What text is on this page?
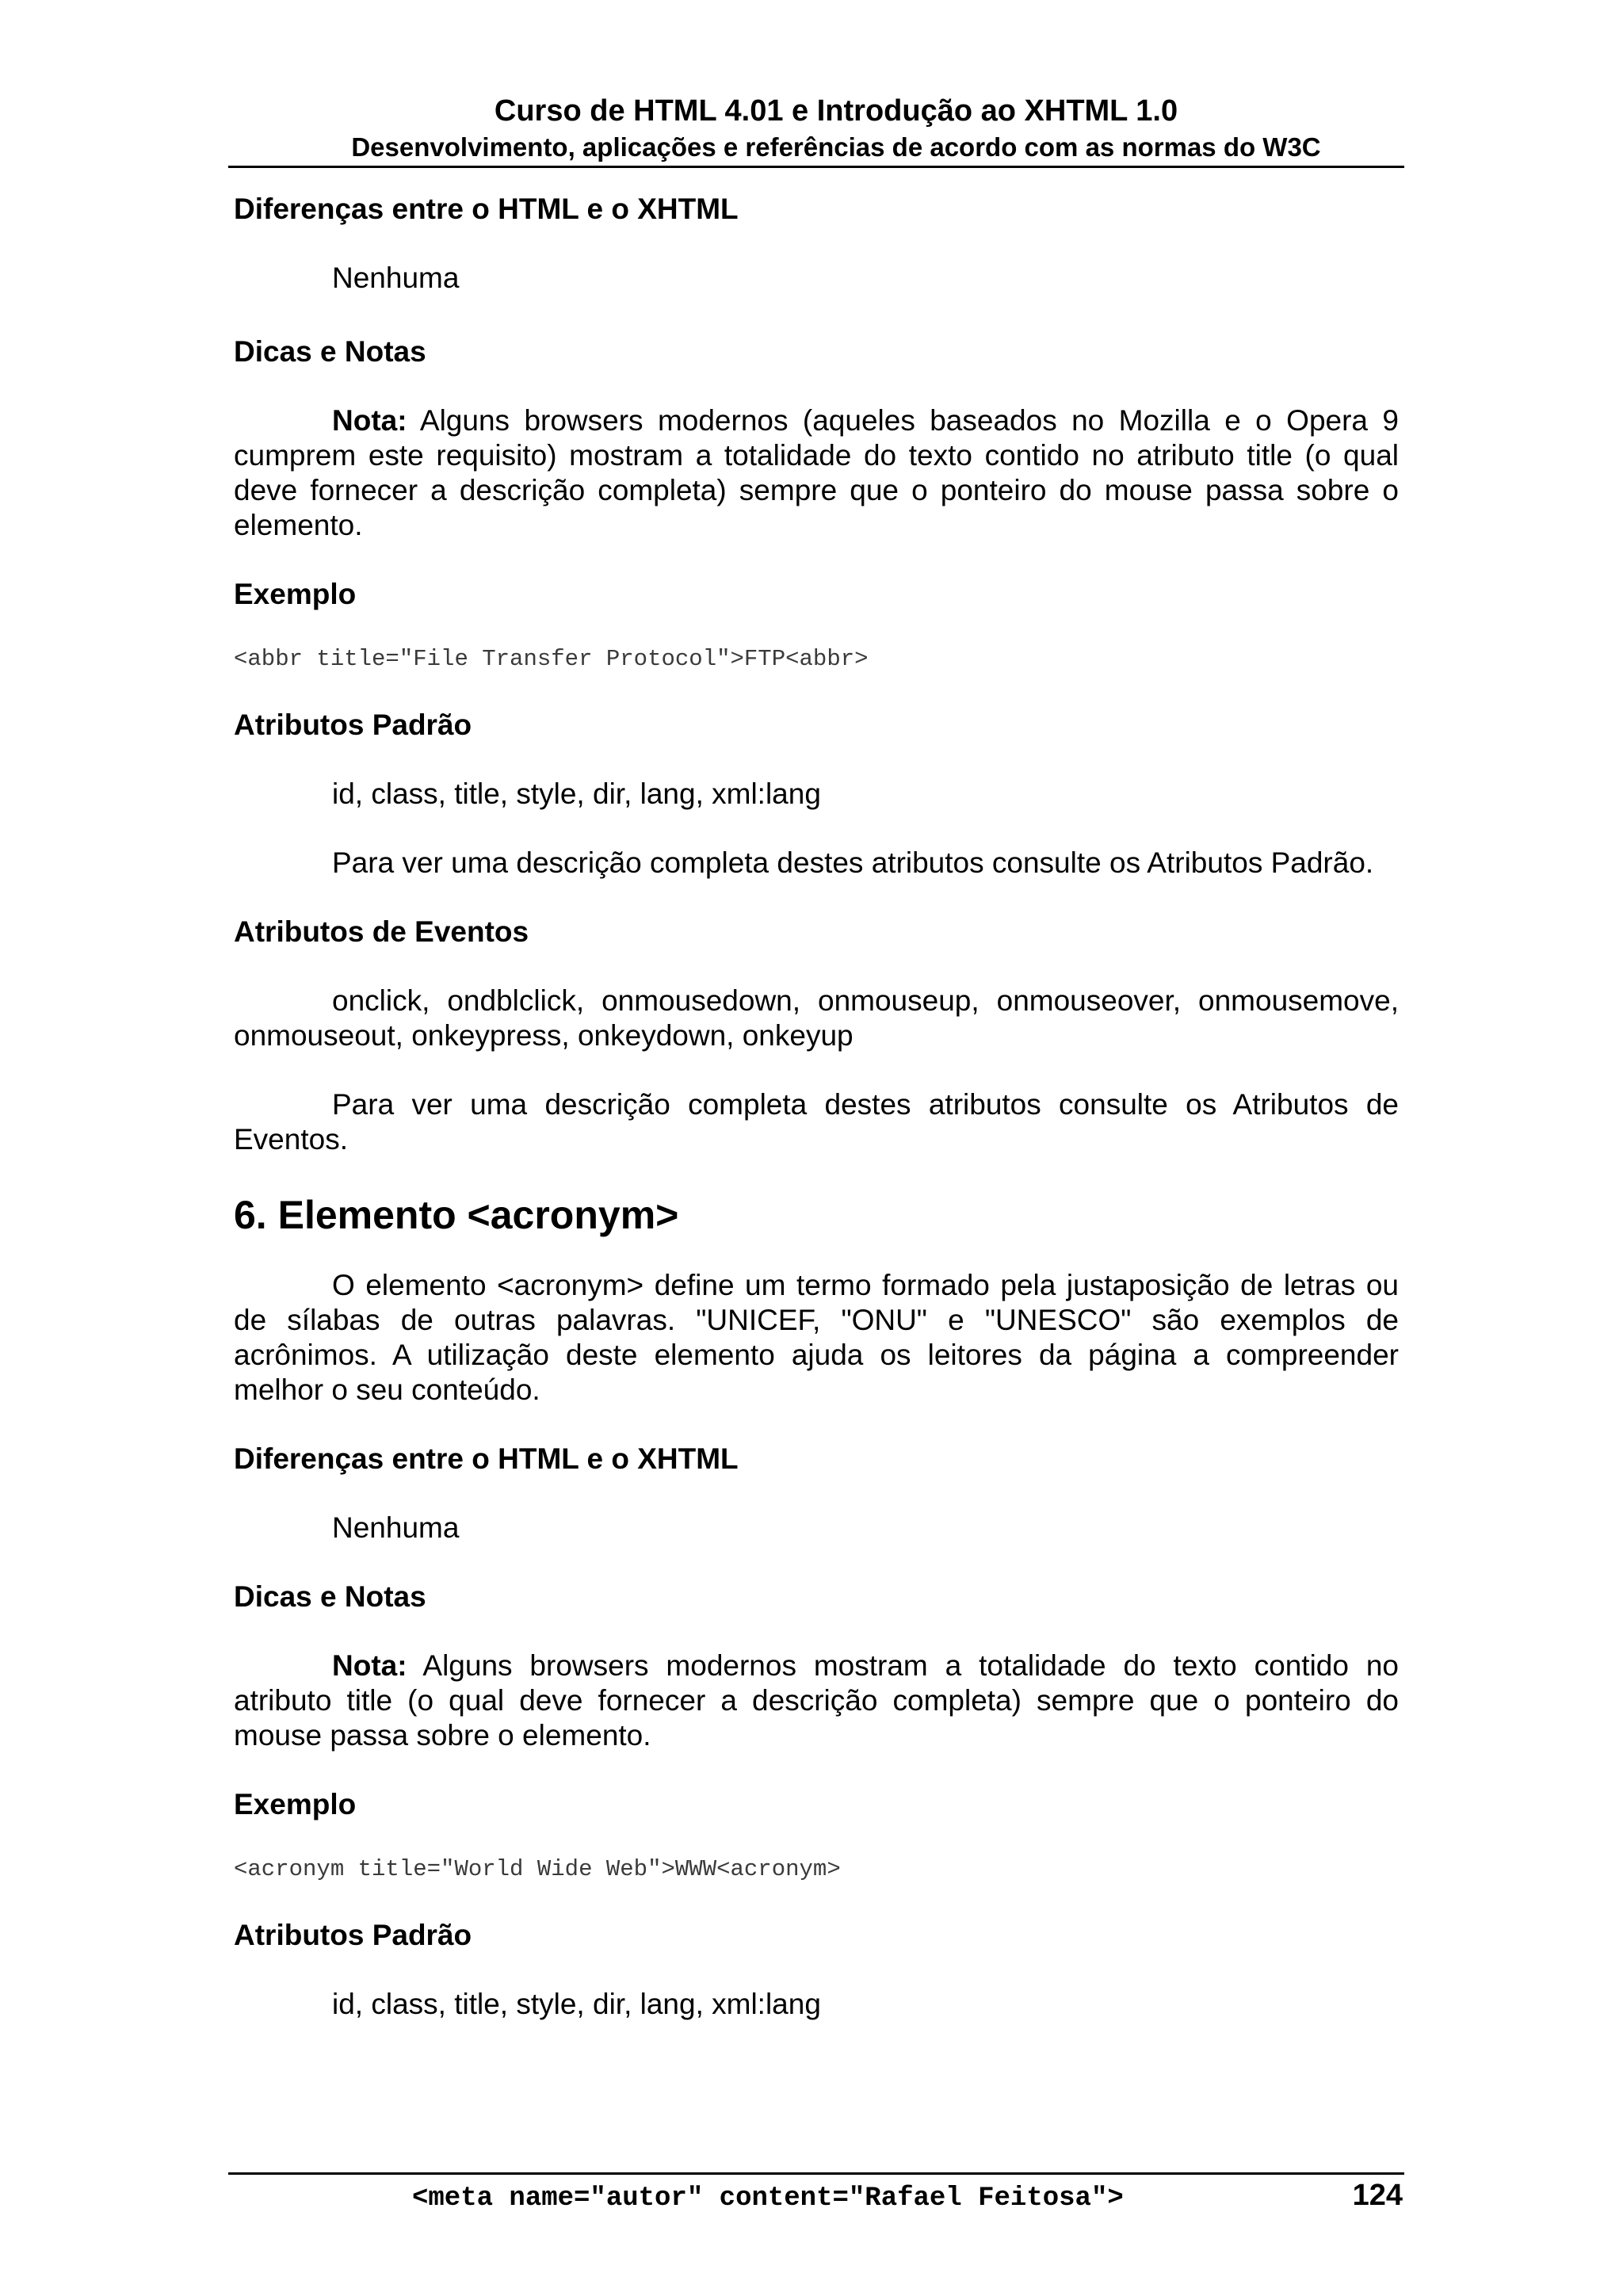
Curso de HTML 4.01 e Introdução ao XHTML 1.0
Desenvolvimento, aplicações e referências de acordo com as normas do W3C

Diferenças entre o HTML e o XHTML

Nenhuma

Dicas e Notas

Nota: Alguns browsers modernos (aqueles baseados no Mozilla e o Opera 9 cumprem este requisito) mostram a totalidade do texto contido no atributo title (o qual deve fornecer a descrição completa) sempre que o ponteiro do mouse passa sobre o elemento.

Exemplo

<abbr title="File Transfer Protocol">FTP<abbr>

Atributos Padrão

id, class, title, style, dir, lang, xml:lang

Para ver uma descrição completa destes atributos consulte os Atributos Padrão.

Atributos de Eventos

onclick, ondblclick, onmousedown, onmouseup, onmouseover, onmousemove, onmouseout, onkeypress, onkeydown, onkeyup

Para ver uma descrição completa destes atributos consulte os Atributos de Eventos.

6. Elemento <acronym>

O elemento <acronym> define um termo formado pela justaposição de letras ou de sílabas de outras palavras. "UNICEF, "ONU" e "UNESCO" são exemplos de acrônimos. A utilização deste elemento ajuda os leitores da página a compreender melhor o seu conteúdo.

Diferenças entre o HTML e o XHTML

Nenhuma

Dicas e Notas

Nota: Alguns browsers modernos mostram a totalidade do texto contido no atributo title (o qual deve fornecer a descrição completa) sempre que o ponteiro do mouse passa sobre o elemento.

Exemplo

<acronym title="World Wide Web">WWW<acronym>

Atributos Padrão

id, class, title, style, dir, lang, xml:lang

<meta name="autor" content="Rafael Feitosa">	124
